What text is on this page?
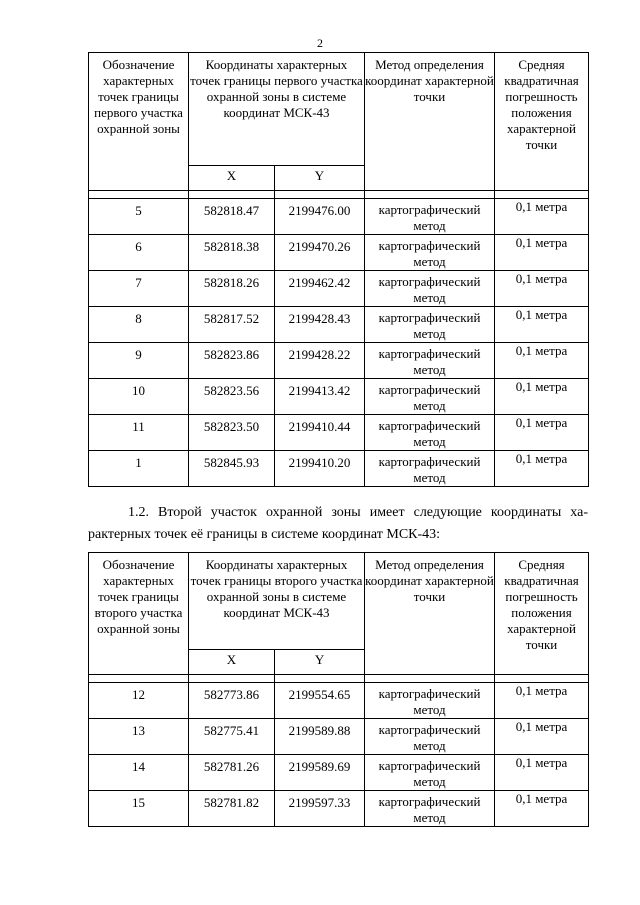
2
Обозначение характерных точек границы первого участка охранной зоны	Координаты характерных точек границы первого участка охранной зоны в системе координат МСК-43		Метод определения координат характерной точки	Средняя квадратичная погрешность положения характерной точки
	X	Y		

5	582818.47	2199476.00	картографический метод	0,1 метра
6	582818.38	2199470.26	картографический метод	0,1 метра
7	582818.26	2199462.42	картографический метод	0,1 метра
8	582817.52	2199428.43	картографический метод	0,1 метра
9	582823.86	2199428.22	картографический метод	0,1 метра
10	582823.56	2199413.42	картографический метод	0,1 метра
11	582823.50	2199410.44	картографический метод	0,1 метра
1	582845.93	2199410.20	картографический метод	0,1 метра
1.2. Второй участок охранной зоны имеет следующие координаты ха-
рактерных точек её границы в системе координат МСК-43:
Обозначение характерных точек границы второго участка охранной зоны	Координаты характерных точек границы второго участка охранной зоны в системе координат МСК-43		Метод определения координат характерной точки	Средняя квадратичная погрешность положения характерной точки
	X	Y		

12	582773.86	2199554.65	картографический метод	0,1 метра
13	582775.41	2199589.88	картографический метод	0,1 метра
14	582781.26	2199589.69	картографический метод	0,1 метра
15	582781.82	2199597.33	картографический метод	0,1 метра
